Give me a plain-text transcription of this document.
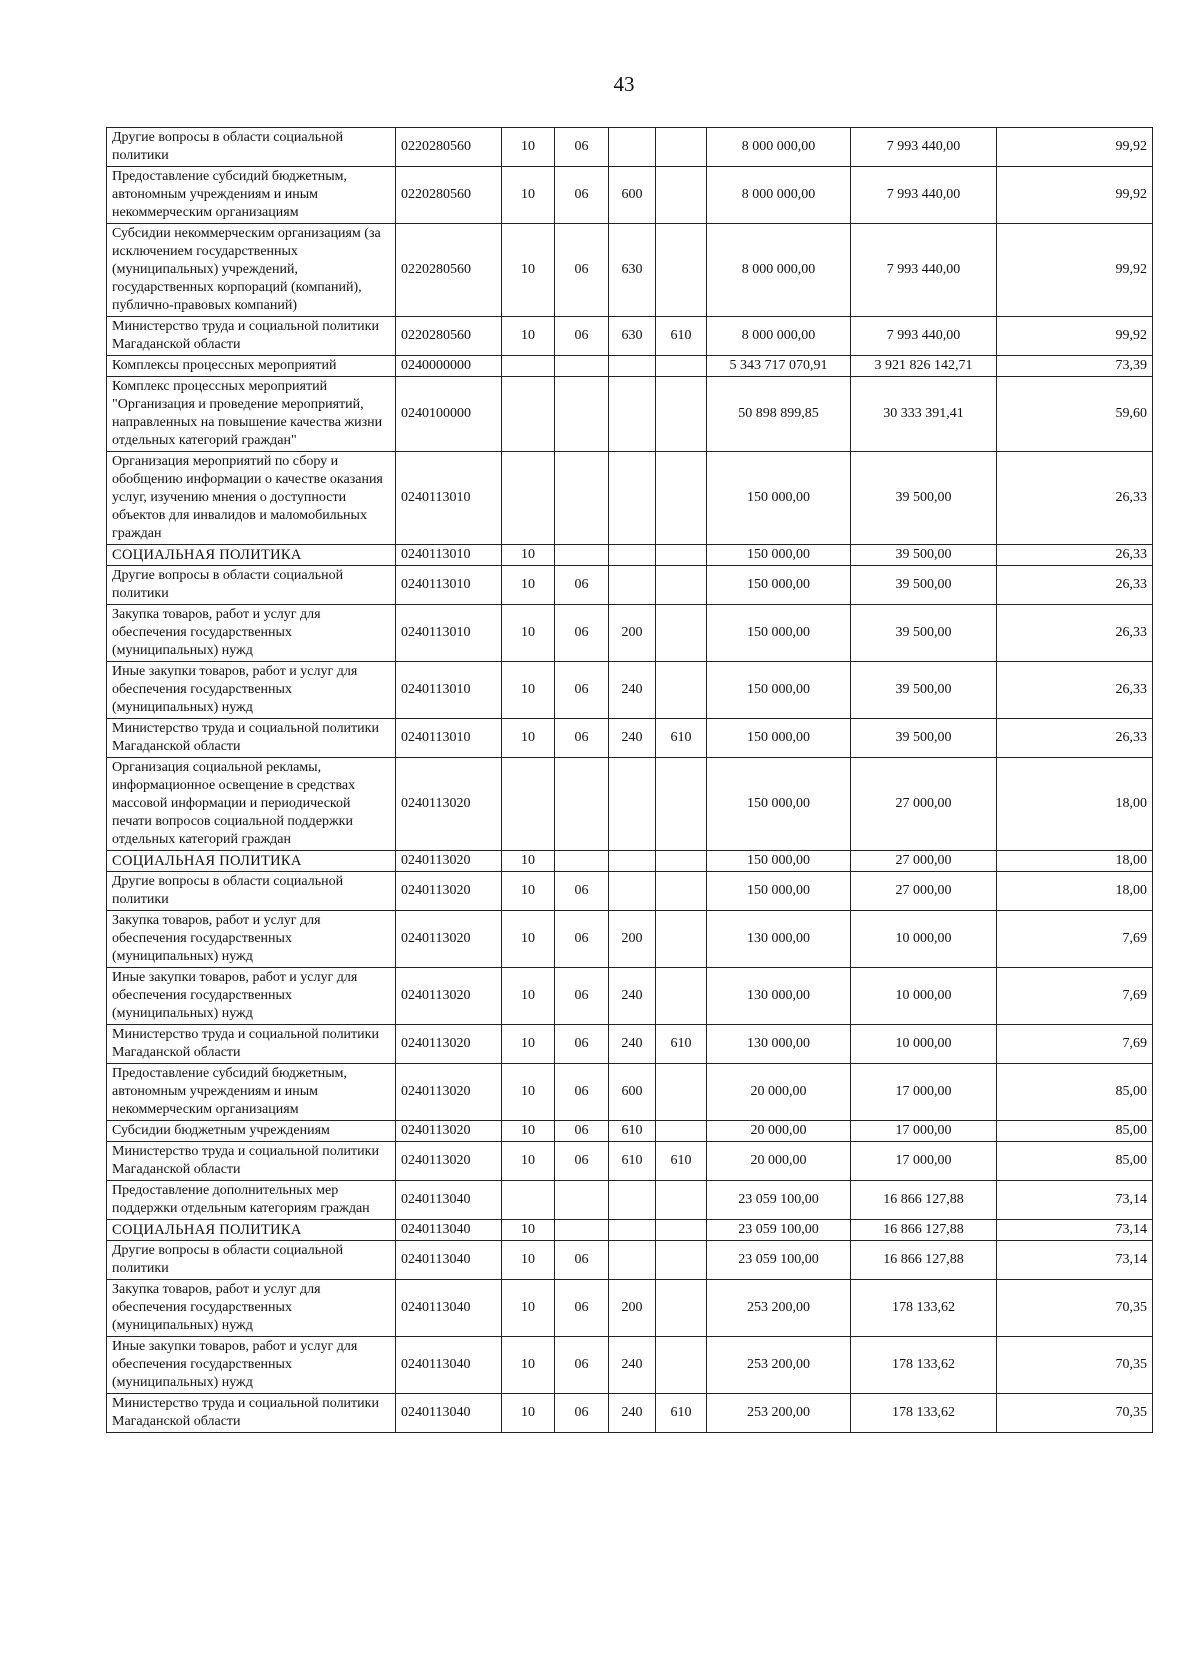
43
Другие вопросы в области социальной политики	0220280560	10	06			8 000 000,00	7 993 440,00	99,92
Предоставление субсидий бюджетным, автономным учреждениям и иным некоммерческим организациям	0220280560	10	06	600		8 000 000,00	7 993 440,00	99,92
Субсидии некоммерческим организациям (за исключением государственных (муниципальных) учреждений, государственных корпораций (компаний), публично-правовых компаний)	0220280560	10	06	630		8 000 000,00	7 993 440,00	99,92
Министерство труда и социальной политики Магаданской области	0220280560	10	06	630	610	8 000 000,00	7 993 440,00	99,92
Комплексы процессных мероприятий	0240000000					5 343 717 070,91	3 921 826 142,71	73,39
Комплекс процессных мероприятий "Организация и проведение мероприятий, направленных на повышение качества жизни отдельных категорий граждан"	0240100000					50 898 899,85	30 333 391,41	59,60
Организация мероприятий по сбору и обобщению информации о качестве оказания услуг, изучению мнения о доступности объектов для инвалидов и маломобильных граждан	0240113010					150 000,00	39 500,00	26,33
СОЦИАЛЬНАЯ ПОЛИТИКА	0240113010	10				150 000,00	39 500,00	26,33
Другие вопросы в области социальной политики	0240113010	10	06			150 000,00	39 500,00	26,33
Закупка товаров, работ и услуг для обеспечения государственных (муниципальных) нужд	0240113010	10	06	200		150 000,00	39 500,00	26,33
Иные закупки товаров, работ и услуг для обеспечения государственных (муниципальных) нужд	0240113010	10	06	240		150 000,00	39 500,00	26,33
Министерство труда и социальной политики Магаданской области	0240113010	10	06	240	610	150 000,00	39 500,00	26,33
Организация социальной рекламы, информационное освещение в средствах массовой информации и периодической печати вопросов социальной поддержки отдельных категорий граждан	0240113020					150 000,00	27 000,00	18,00
СОЦИАЛЬНАЯ ПОЛИТИКА	0240113020	10				150 000,00	27 000,00	18,00
Другие вопросы в области социальной политики	0240113020	10	06			150 000,00	27 000,00	18,00
Закупка товаров, работ и услуг для обеспечения государственных (муниципальных) нужд	0240113020	10	06	200		130 000,00	10 000,00	7,69
Иные закупки товаров, работ и услуг для обеспечения государственных (муниципальных) нужд	0240113020	10	06	240		130 000,00	10 000,00	7,69
Министерство труда и социальной политики Магаданской области	0240113020	10	06	240	610	130 000,00	10 000,00	7,69
Предоставление субсидий бюджетным, автономным учреждениям и иным некоммерческим организациям	0240113020	10	06	600		20 000,00	17 000,00	85,00
Субсидии бюджетным учреждениям	0240113020	10	06	610		20 000,00	17 000,00	85,00
Министерство труда и социальной политики Магаданской области	0240113020	10	06	610	610	20 000,00	17 000,00	85,00
Предоставление дополнительных мер поддержки отдельным категориям граждан	0240113040					23 059 100,00	16 866 127,88	73,14
СОЦИАЛЬНАЯ ПОЛИТИКА	0240113040	10				23 059 100,00	16 866 127,88	73,14
Другие вопросы в области социальной политики	0240113040	10	06			23 059 100,00	16 866 127,88	73,14
Закупка товаров, работ и услуг для обеспечения государственных (муниципальных) нужд	0240113040	10	06	200		253 200,00	178 133,62	70,35
Иные закупки товаров, работ и услуг для обеспечения государственных (муниципальных) нужд	0240113040	10	06	240		253 200,00	178 133,62	70,35
Министерство труда и социальной политики Магаданской области	0240113040	10	06	240	610	253 200,00	178 133,62	70,35
